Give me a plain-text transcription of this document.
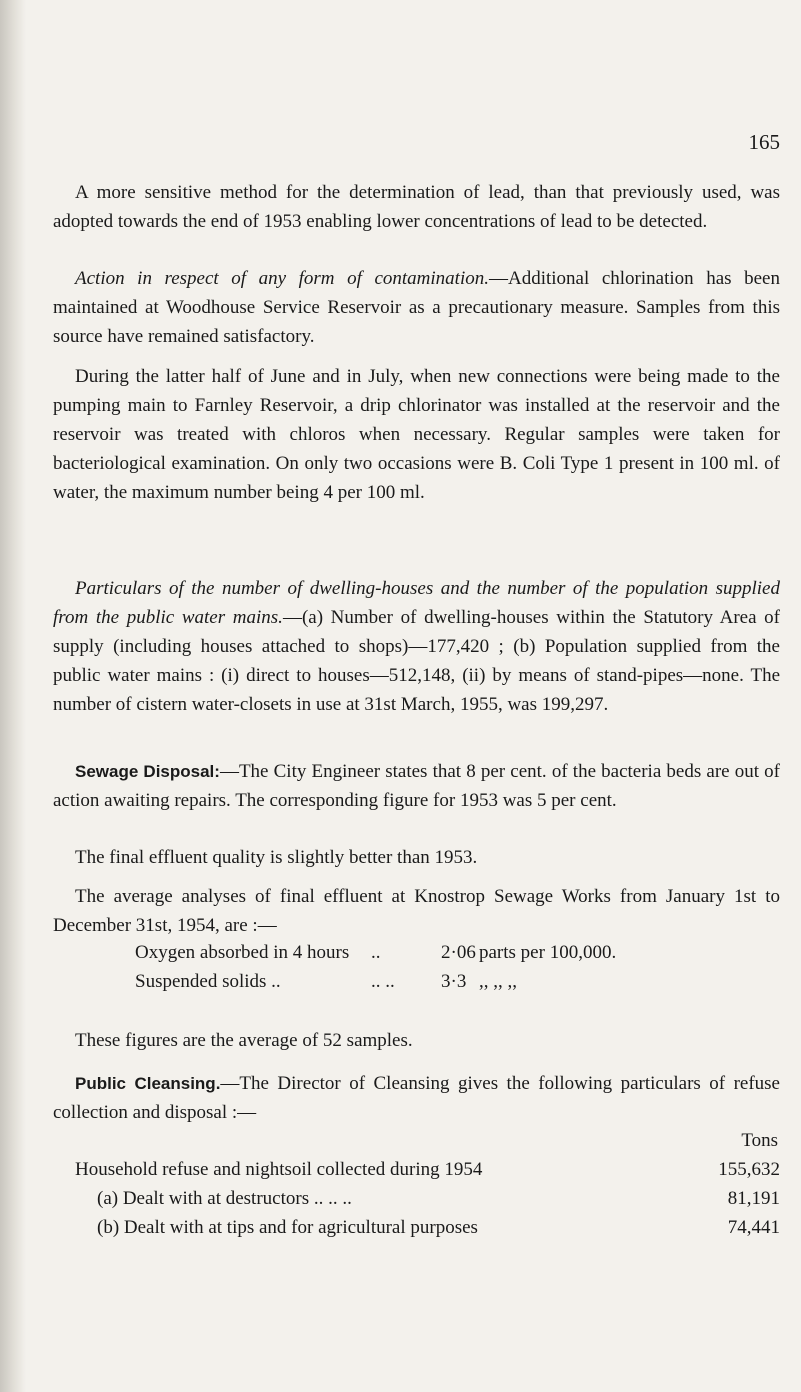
165

A more sensitive method for the determination of lead, than that previously used, was adopted towards the end of 1953 enabling lower concentrations of lead to be detected.

Action in respect of any form of contamination.—Additional chlorination has been maintained at Woodhouse Service Reservoir as a precautionary measure. Samples from this source have remained satisfactory.

During the latter half of June and in July, when new connections were being made to the pumping main to Farnley Reservoir, a drip chlorinator was installed at the reservoir and the reservoir was treated with chloros when necessary. Regular samples were taken for bacteriological examination. On only two occasions were B. Coli Type 1 present in 100 ml. of water, the maximum number being 4 per 100 ml.

Particulars of the number of dwelling-houses and the number of the population supplied from the public water mains.—(a) Number of dwelling-houses within the Statutory Area of supply (including houses attached to shops)—177,420 ; (b) Population supplied from the public water mains : (i) direct to houses—512,148, (ii) by means of stand-pipes—none. The number of cistern water-closets in use at 31st March, 1955, was 199,297.

Sewage Disposal:—The City Engineer states that 8 per cent. of the bacteria beds are out of action awaiting repairs. The corresponding figure for 1953 was 5 per cent.

The final effluent quality is slightly better than 1953.

The average analyses of final effluent at Knostrop Sewage Works from January 1st to December 31st, 1954, are :—

Oxygen absorbed in 4 hours	..	2·06 parts per 100,000.
Suspended solids ..	.. ..	3·3 ,, ,, ,,

These figures are the average of 52 samples.

Public Cleansing.—The Director of Cleansing gives the following particulars of refuse collection and disposal :—

Tons
Household refuse and nightsoil collected during 1954	155,632
(a) Dealt with at destructors .. .. ..	81,191
(b) Dealt with at tips and for agricultural purposes	74,441
